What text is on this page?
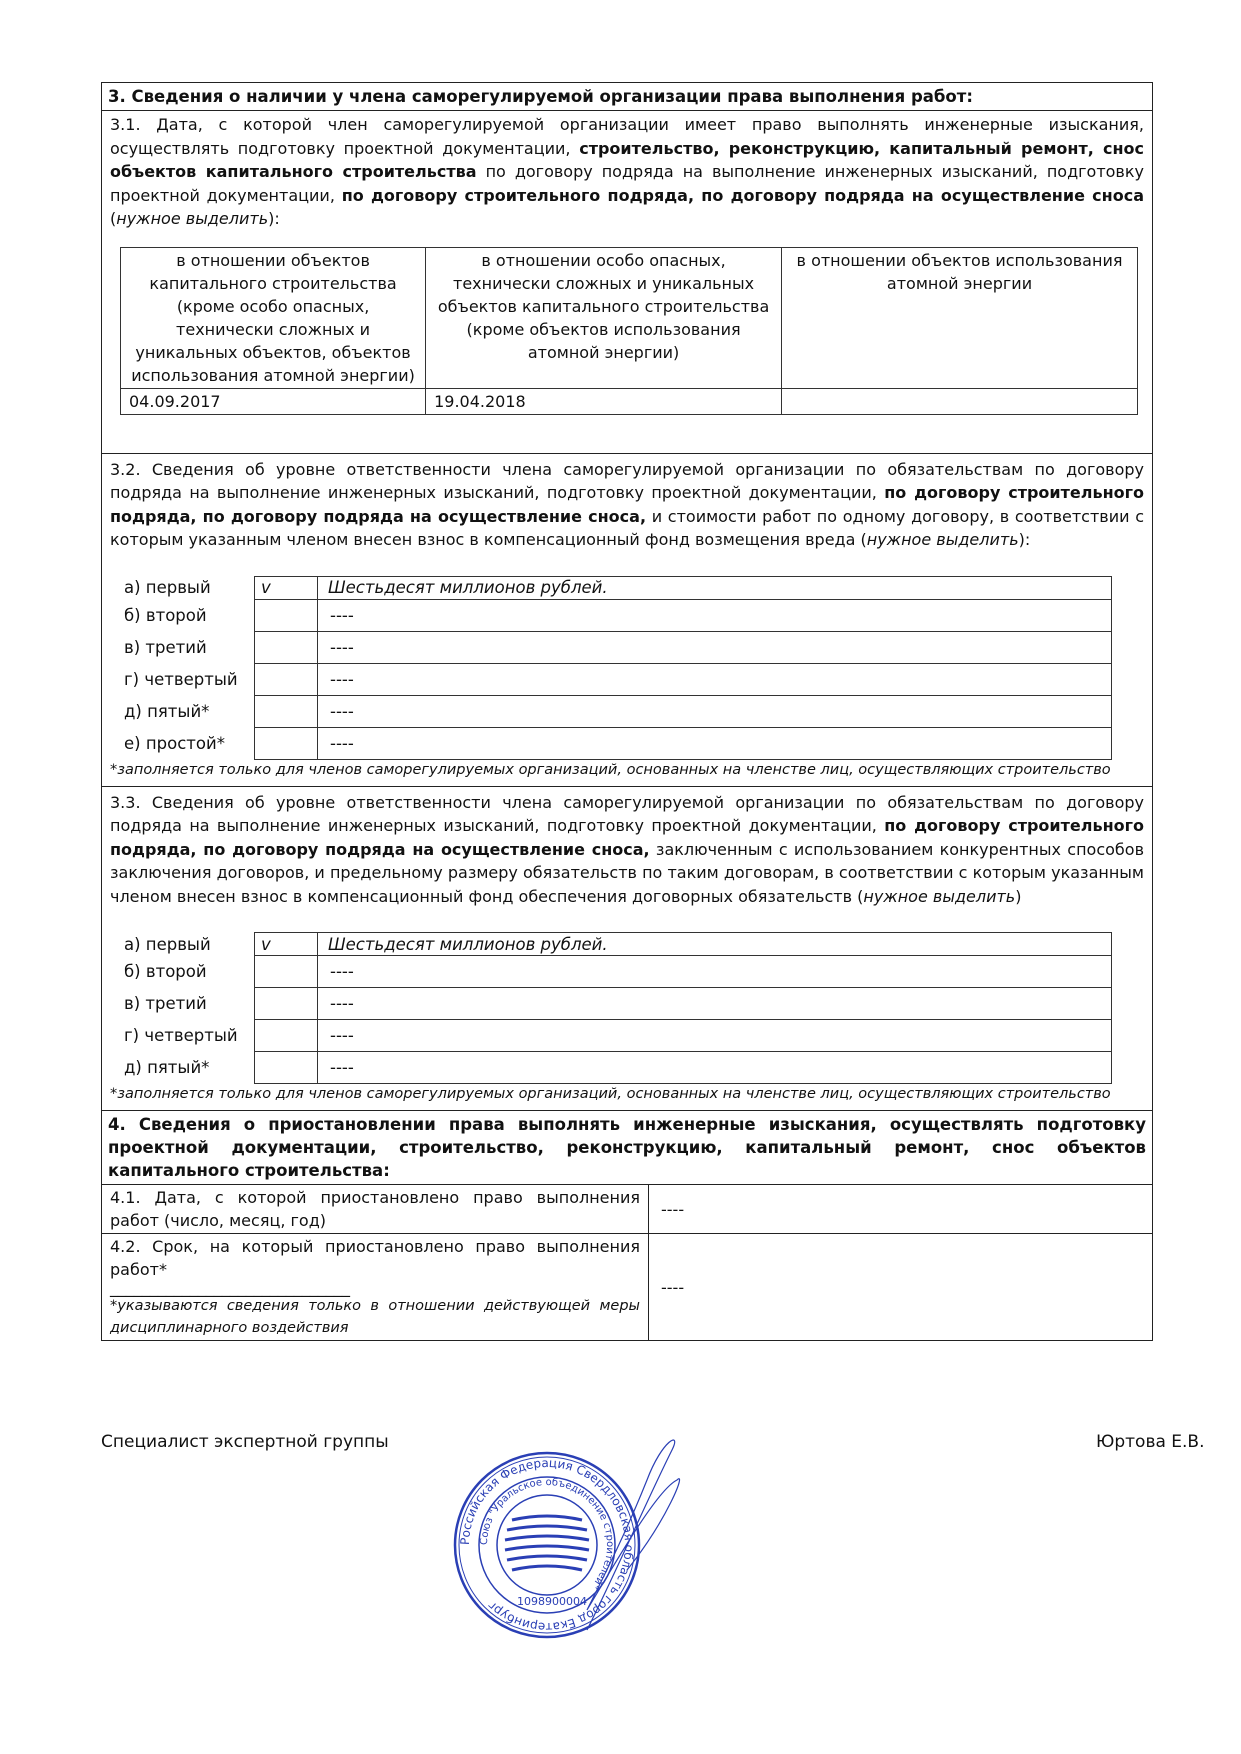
3. Сведения о наличии у члена саморегулируемой организации права выполнения работ:
3.1. Дата, с которой член саморегулируемой организации имеет право выполнять инженерные изыскания, осуществлять подготовку проектной документации, строительство, реконструкцию, капитальный ремонт, снос объектов капитального строительства по договору подряда на выполнение инженерных изысканий, подготовку проектной документации, по договору строительного подряда, по договору подряда на осуществление сноса (нужное выделить):
в отношении объектов капитального строительства (кроме особо опасных, технически сложных и уникальных объектов, объектов использования атомной энергии)	в отношении особо опасных, технически сложных и уникальных объектов капитального строительства (кроме объектов использования атомной энергии)	в отношении объектов использования атомной энергии
04.09.2017	19.04.2018	
3.2. Сведения об уровне ответственности члена саморегулируемой организации по обязательствам по договору подряда на выполнение инженерных изысканий, подготовку проектной документации, по договору строительного подряда, по договору подряда на осуществление сноса, и стоимости работ по одному договору, в соответствии с которым указанным членом внесен взнос в компенсационный фонд возмещения вреда (нужное выделить):
а) первый	v	Шестьдесят миллионов рублей.
б) второй		----
в) третий		----
г) четвертый		----
д) пятый*		----
е) простой*		----
*заполняется только для членов саморегулируемых организаций, основанных на членстве лиц, осуществляющих строительство
3.3. Сведения об уровне ответственности члена саморегулируемой организации по обязательствам по договору подряда на выполнение инженерных изысканий, подготовку проектной документации, по договору строительного подряда, по договору подряда на осуществление сноса, заключенным с использованием конкурентных способов заключения договоров, и предельному размеру обязательств по таким договорам, в соответствии с которым указанным членом внесен взнос в компенсационный фонд обеспечения договорных обязательств (нужное выделить)
а) первый	v	Шестьдесят миллионов рублей.
б) второй		----
в) третий		----
г) четвертый		----
д) пятый*		----
*заполняется только для членов саморегулируемых организаций, основанных на членстве лиц, осуществляющих строительство
4. Сведения о приостановлении права выполнять инженерные изыскания, осуществлять подготовку проектной документации, строительство, реконструкцию, капитальный ремонт, снос объектов капитального строительства:
4.1. Дата, с которой приостановлено право выполнения работ (число, месяц, год)	----

4.2. Срок, на который приостановлено право выполнения работ*
______________________________
*указываются сведения только в отношении действующей меры дисциплинарного воздействия	----
Специалист экспертной группы	Юртова Е.В.
Российская Федерация Свердловская область город Екатеринбург
Союз "Уральское объединение строителей"
1098900004
